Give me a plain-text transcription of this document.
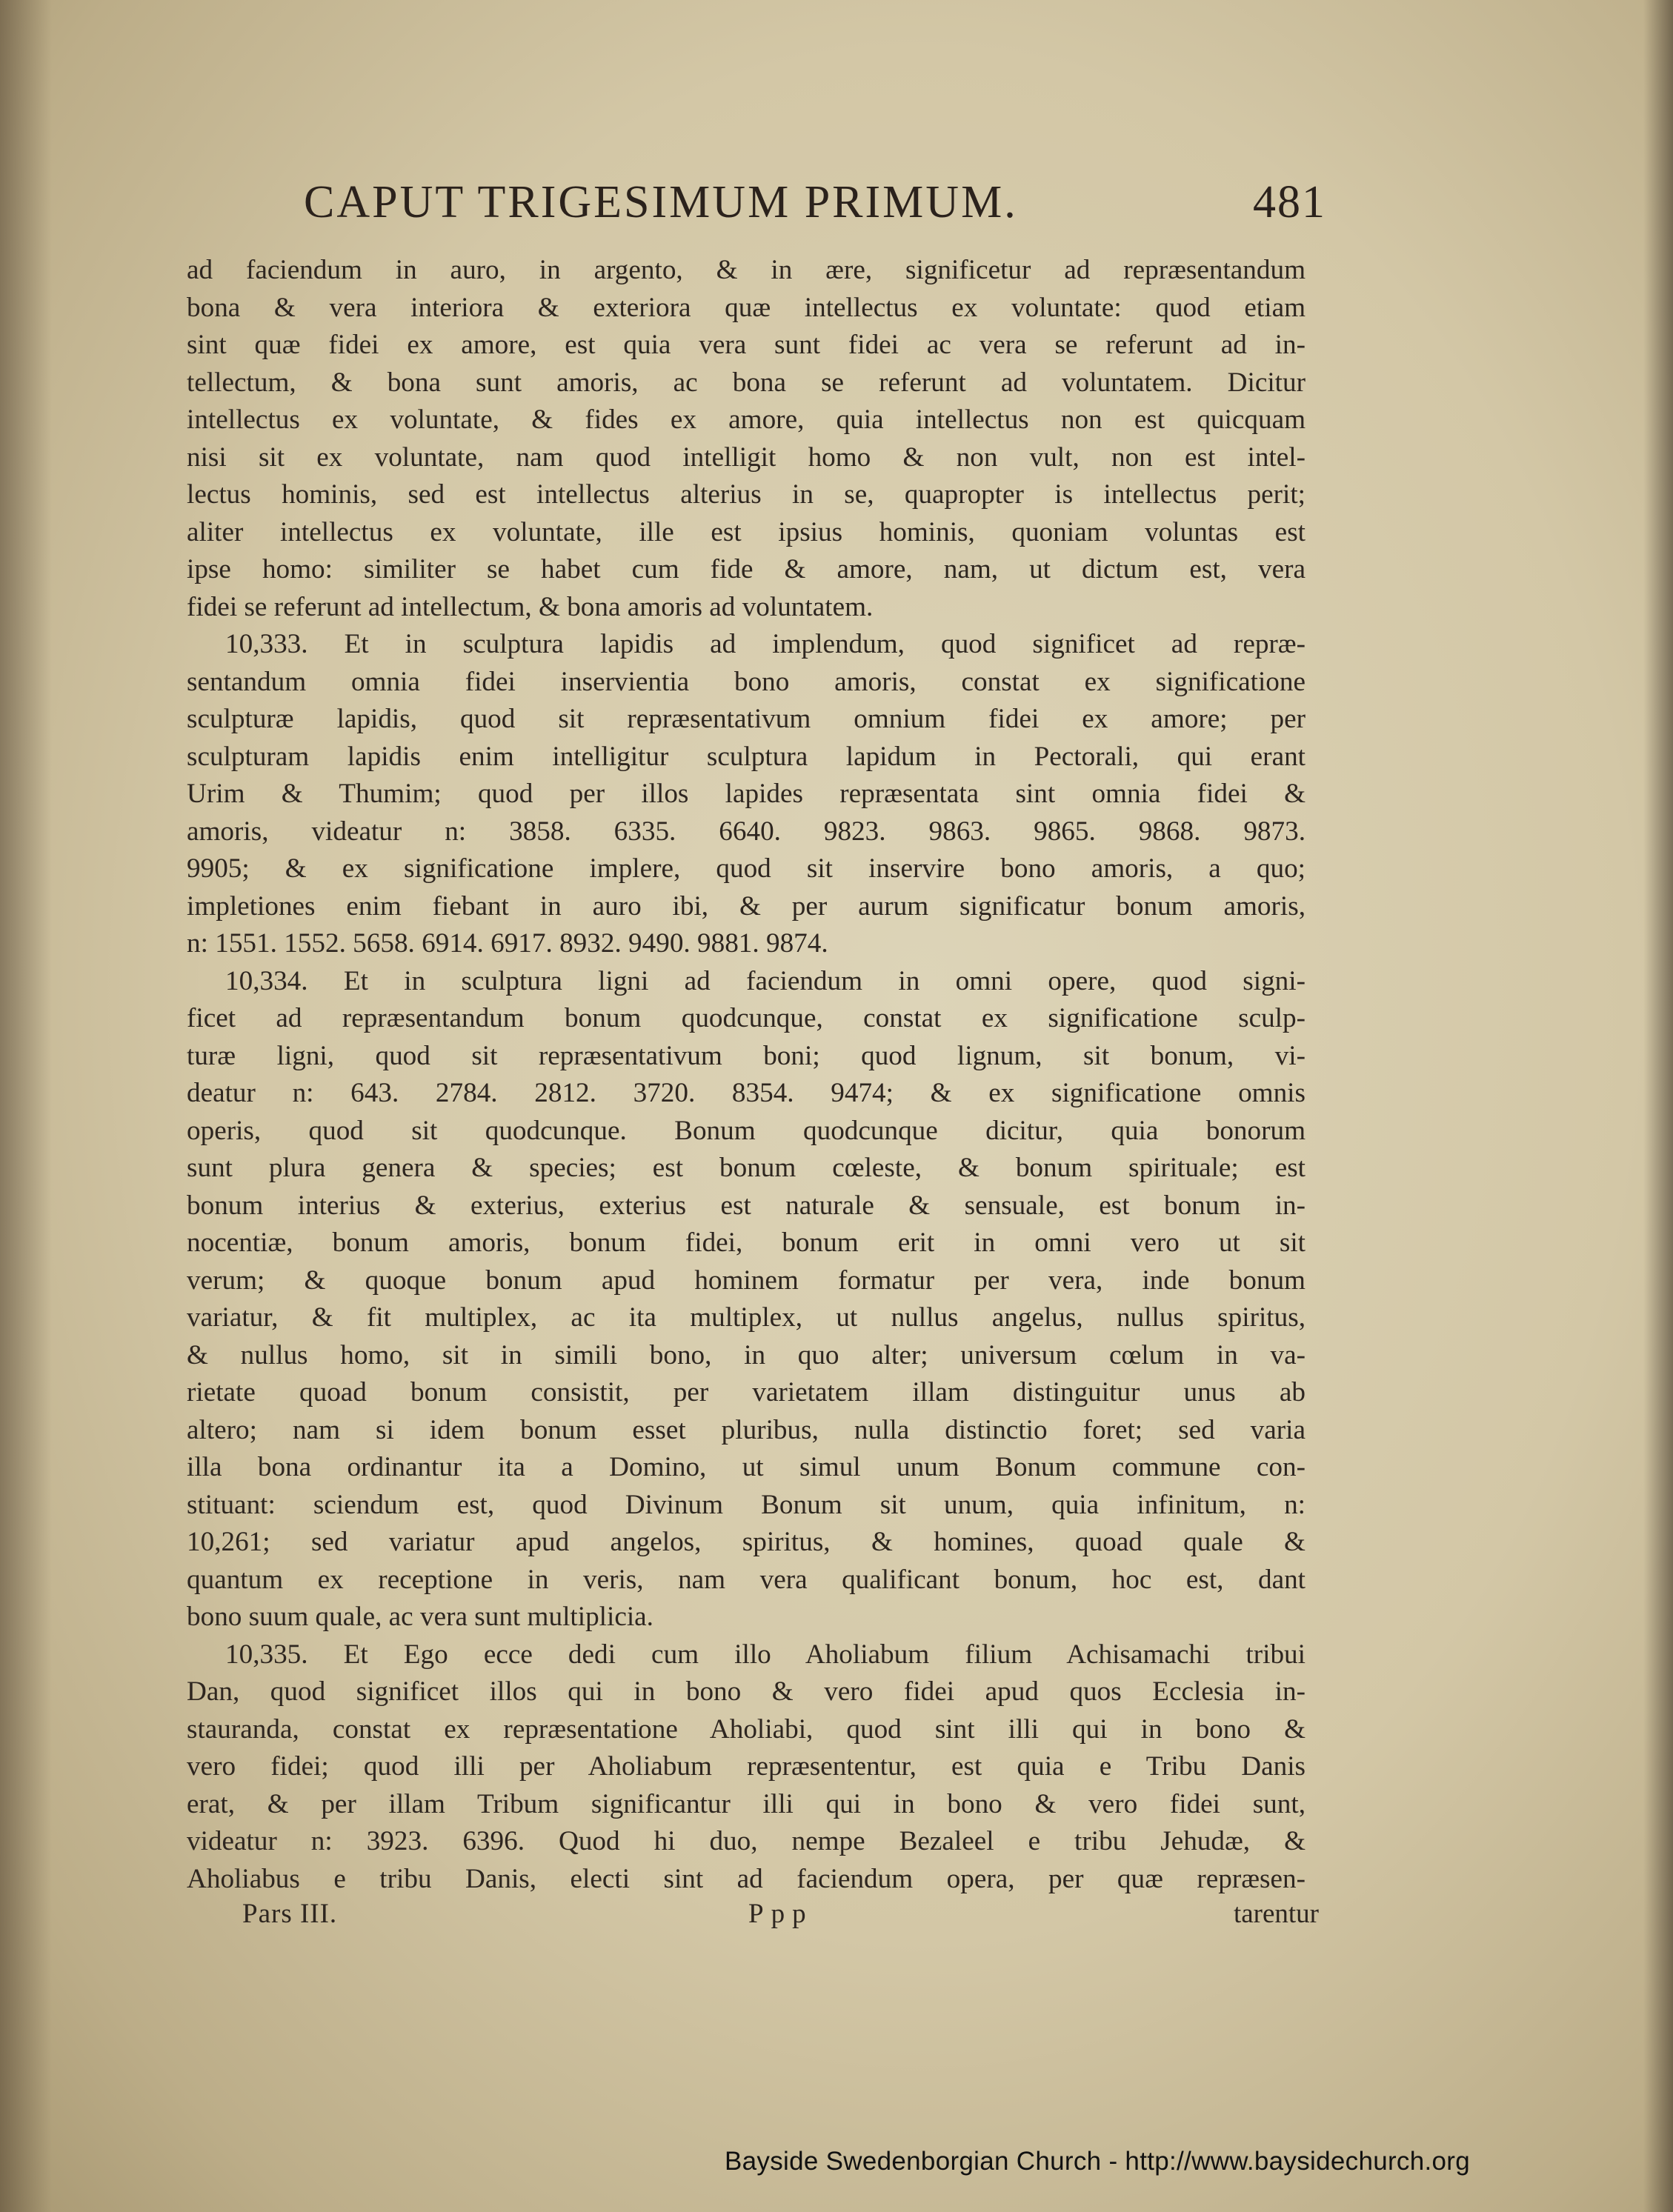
CAPUT TRIGESIMUM PRIMUM.	481
ad faciendum in auro, in argento, & in ære, significetur ad repræsentandum
bona & vera interiora & exteriora quæ intellectus ex voluntate: quod etiam
sint quæ fidei ex amore, est quia vera sunt fidei ac vera se referunt ad in-
tellectum, & bona sunt amoris, ac bona se referunt ad voluntatem. Dicitur
intellectus ex voluntate, & fides ex amore, quia intellectus non est quicquam
nisi sit ex voluntate, nam quod intelligit homo & non vult, non est intel-
lectus hominis, sed est intellectus alterius in se, quapropter is intellectus perit;
aliter intellectus ex voluntate, ille est ipsius hominis, quoniam voluntas est
ipse homo: similiter se habet cum fide & amore, nam, ut dictum est, vera
fidei se referunt ad intellectum, & bona amoris ad voluntatem.
10,333. Et in sculptura lapidis ad implendum, quod significet ad repræ-
sentandum omnia fidei inservientia bono amoris, constat ex significatione
sculpturæ lapidis, quod sit repræsentativum omnium fidei ex amore; per
sculpturam lapidis enim intelligitur sculptura lapidum in Pectorali, qui erant
Urim & Thumim; quod per illos lapides repræsentata sint omnia fidei &
amoris, videatur n: 3858. 6335. 6640. 9823. 9863. 9865. 9868. 9873.
9905; & ex significatione implere, quod sit inservire bono amoris, a quo;
impletiones enim fiebant in auro ibi, & per aurum significatur bonum amoris,
n: 1551. 1552. 5658. 6914. 6917. 8932. 9490. 9881. 9874.
10,334. Et in sculptura ligni ad faciendum in omni opere, quod signi-
ficet ad repræsentandum bonum quodcunque, constat ex significatione sculp-
turæ ligni, quod sit repræsentativum boni; quod lignum, sit bonum, vi-
deatur n: 643. 2784. 2812. 3720. 8354. 9474; & ex significatione omnis
operis, quod sit quodcunque. Bonum quodcunque dicitur, quia bonorum
sunt plura genera & species; est bonum cœleste, & bonum spirituale; est
bonum interius & exterius, exterius est naturale & sensuale, est bonum in-
nocentiæ, bonum amoris, bonum fidei, bonum erit in omni vero ut sit
verum; & quoque bonum apud hominem formatur per vera, inde bonum
variatur, & fit multiplex, ac ita multiplex, ut nullus angelus, nullus spiritus,
& nullus homo, sit in simili bono, in quo alter; universum cœlum in va-
rietate quoad bonum consistit, per varietatem illam distinguitur unus ab
altero; nam si idem bonum esset pluribus, nulla distinctio foret; sed varia
illa bona ordinantur ita a Domino, ut simul unum Bonum commune con-
stituant: sciendum est, quod Divinum Bonum sit unum, quia infinitum, n:
10,261; sed variatur apud angelos, spiritus, & homines, quoad quale &
quantum ex receptione in veris, nam vera qualificant bonum, hoc est, dant
bono suum quale, ac vera sunt multiplicia.
10,335. Et Ego ecce dedi cum illo Aholiabum filium Achisamachi tribui
Dan, quod significet illos qui in bono & vero fidei apud quos Ecclesia in-
stauranda, constat ex repræsentatione Aholiabi, quod sint illi qui in bono &
vero fidei; quod illi per Aholiabum repræsententur, est quia e Tribu Danis
erat, & per illam Tribum significantur illi qui in bono & vero fidei sunt,
videatur n: 3923. 6396. Quod hi duo, nempe Bezaleel e tribu Jehudæ, &
Aholiabus e tribu Danis, electi sint ad faciendum opera, per quæ repræsen-
Pars III.	Ppp	tarentur
Bayside Swedenborgian Church - http://www.baysidechurch.org
